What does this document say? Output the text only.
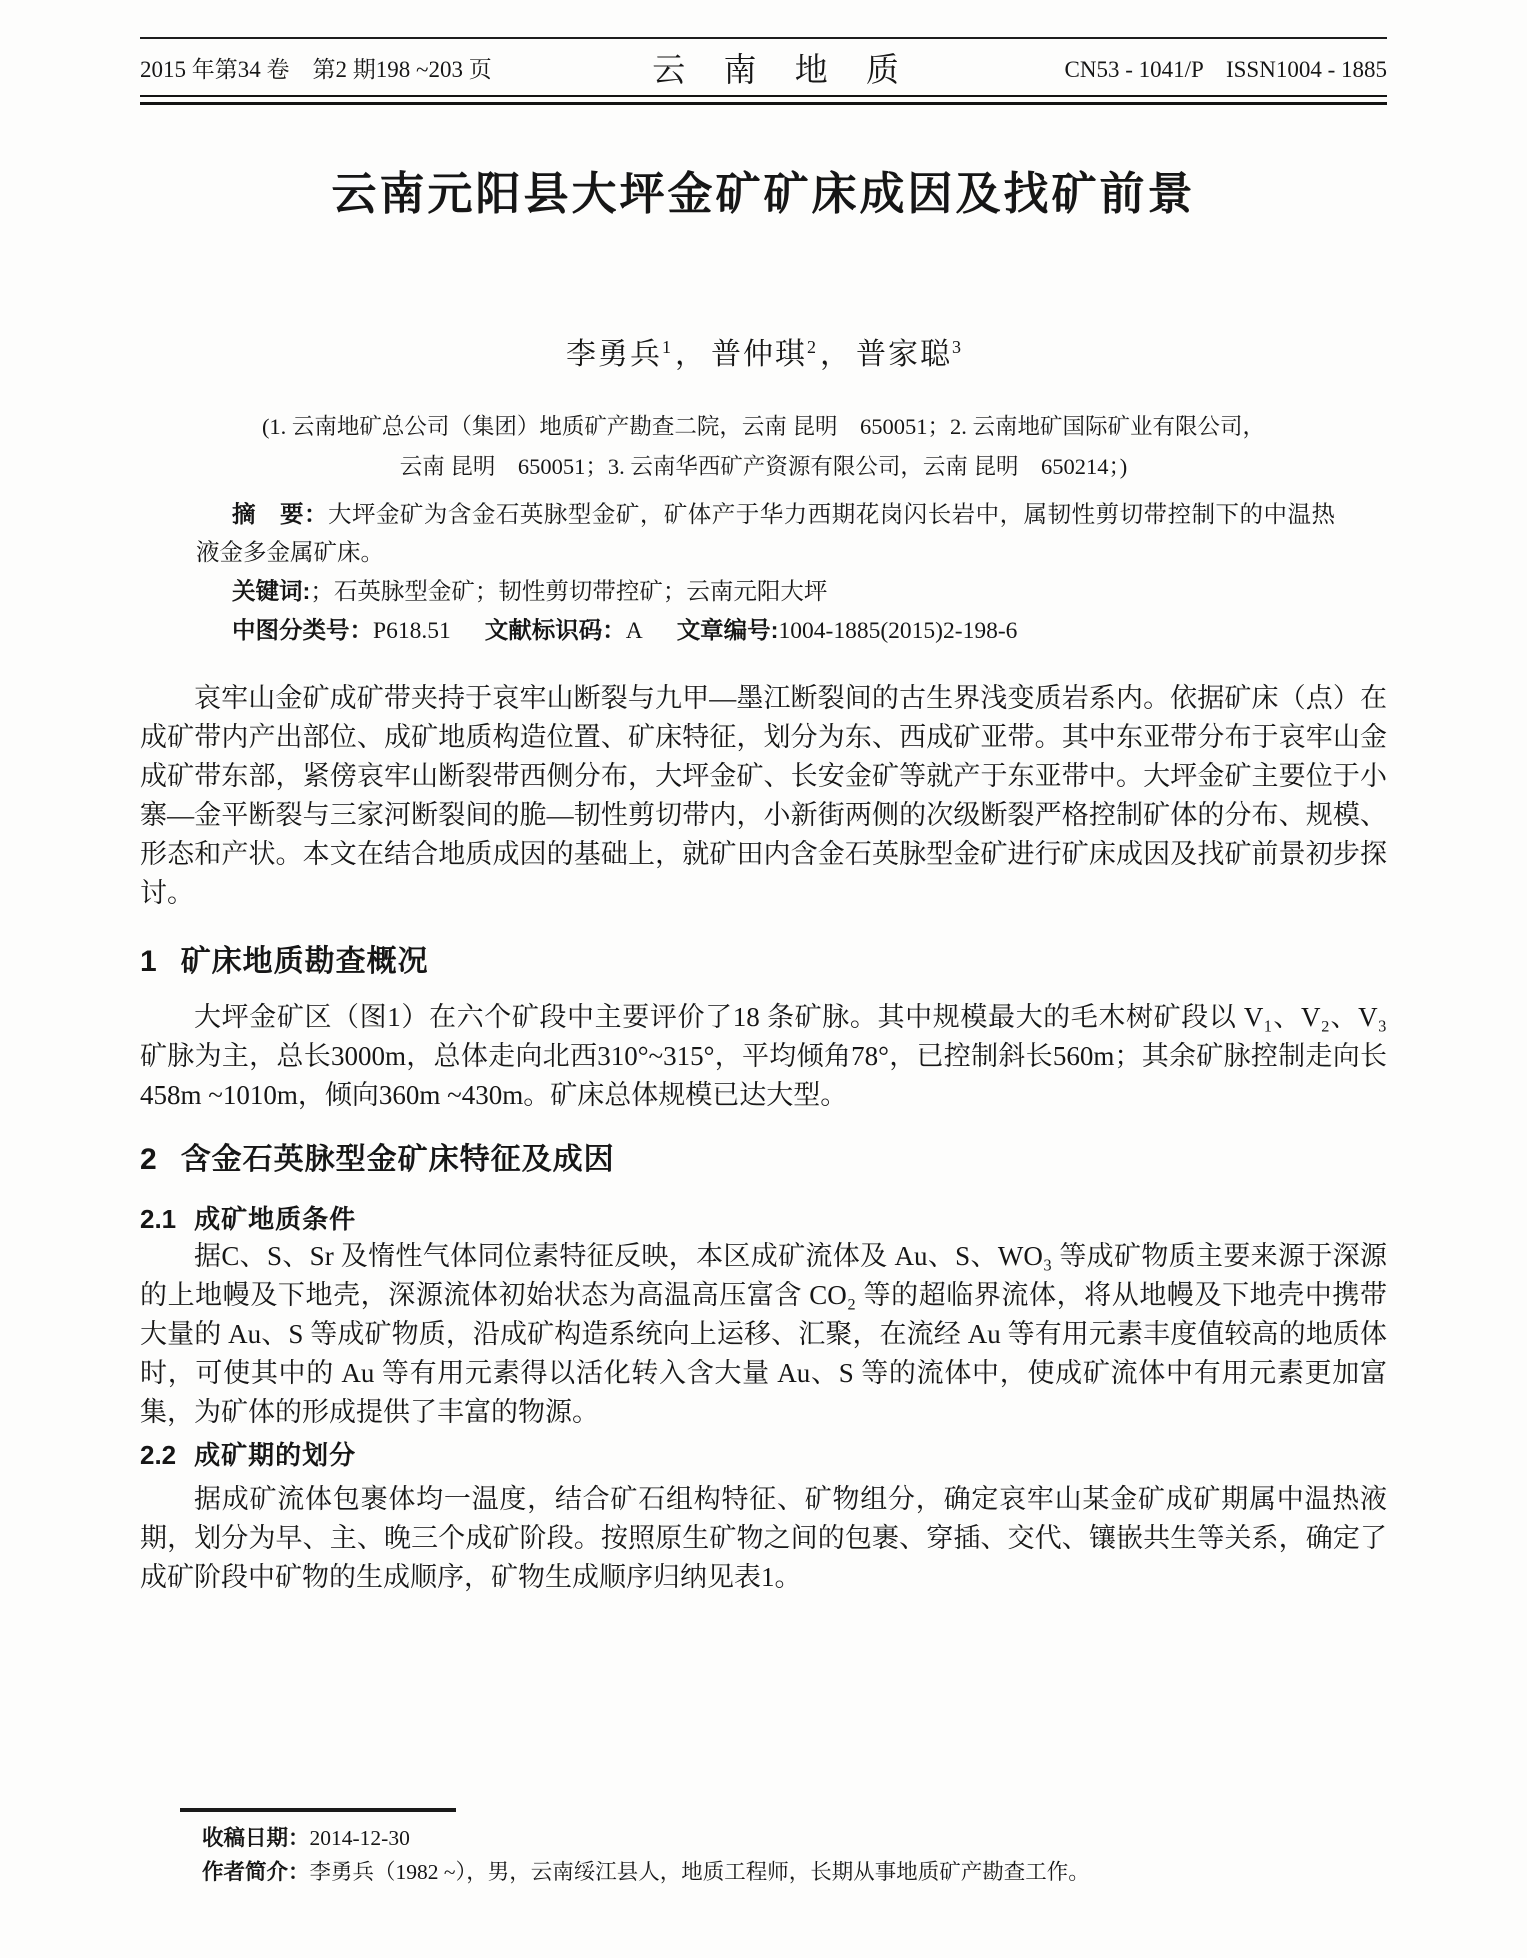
2015 年第34 卷　第2 期198 ~203 页	云 南 地 质	CN53 - 1041/P　ISSN1004 - 1885
云南元阳县大坪金矿矿床成因及找矿前景
李勇兵$^1$ ， 普仲琪$^2$ ， 普家聪$^3$
(1. 云南地矿总公司（集团）地质矿产勘查二院，云南 昆明　650051；2. 云南地矿国际矿业有限公司，
云南 昆明　650051；3. 云南华西矿产资源有限公司，云南 昆明　650214；)

摘　要：大坪金矿为含金石英脉型金矿，矿体产于华力西期花岗闪长岩中，属韧性剪切带控制下的中温热液金多金属矿床。

关键词:；石英脉型金矿；韧性剪切带控矿；云南元阳大坪

中图分类号：P618.51 文献标识码：A 文章编号:1004-1885(2015)2-198-6

哀牢山金矿成矿带夹持于哀牢山断裂与九甲—墨江断裂间的古生界浅变质岩系内。依据矿床（点）在成矿带内产出部位、成矿地质构造位置、矿床特征，划分为东、西成矿亚带。其中东亚带分布于哀牢山金成矿带东部，紧傍哀牢山断裂带西侧分布，大坪金矿、长安金矿等就产于东亚带中。大坪金矿主要位于小寨—金平断裂与三家河断裂间的脆—韧性剪切带内，小新街两侧的次级断裂严格控制矿体的分布、规模、形态和产状。本文在结合地质成因的基础上，就矿田内含金石英脉型金矿进行矿床成因及找矿前景初步探讨。

1 矿床地质勘查概况

大坪金矿区（图1）在六个矿段中主要评价了18 条矿脉。其中规模最大的毛木树矿段以 V₁、V₂、V₃ 矿脉为主，总长3000m，总体走向北西310°~315°，平均倾角78°，已控制斜长560m；其余矿脉控制走向长458m ~1010m，倾向360m ~430m。矿床总体规模已达大型。

2 含金石英脉型金矿床特征及成因
2.1 成矿地质条件

据C、S、Sr 及惰性气体同位素特征反映，本区成矿流体及 Au、S、WO₃ 等成矿物质主要来源于深源的上地幔及下地壳，深源流体初始状态为高温高压富含 CO₂ 等的超临界流体，将从地幔及下地壳中携带大量的 Au、S 等成矿物质，沿成矿构造系统向上运移、汇聚，在流经 Au 等有用元素丰度值较高的地质体时，可使其中的 Au 等有用元素得以活化转入含大量 Au、S 等的流体中，使成矿流体中有用元素更加富集，为矿体的形成提供了丰富的物源。

2.2 成矿期的划分

据成矿流体包裹体均一温度，结合矿石组构特征、矿物组分，确定哀牢山某金矿成矿期属中温热液期，划分为早、主、晚三个成矿阶段。按照原生矿物之间的包裹、穿插、交代、镶嵌共生等关系，确定了成矿阶段中矿物的生成顺序，矿物生成顺序归纳见表1。

收稿日期：2014-12-30

作者简介：李勇兵（1982 ~），男，云南绥江县人，地质工程师，长期从事地质矿产勘查工作。
